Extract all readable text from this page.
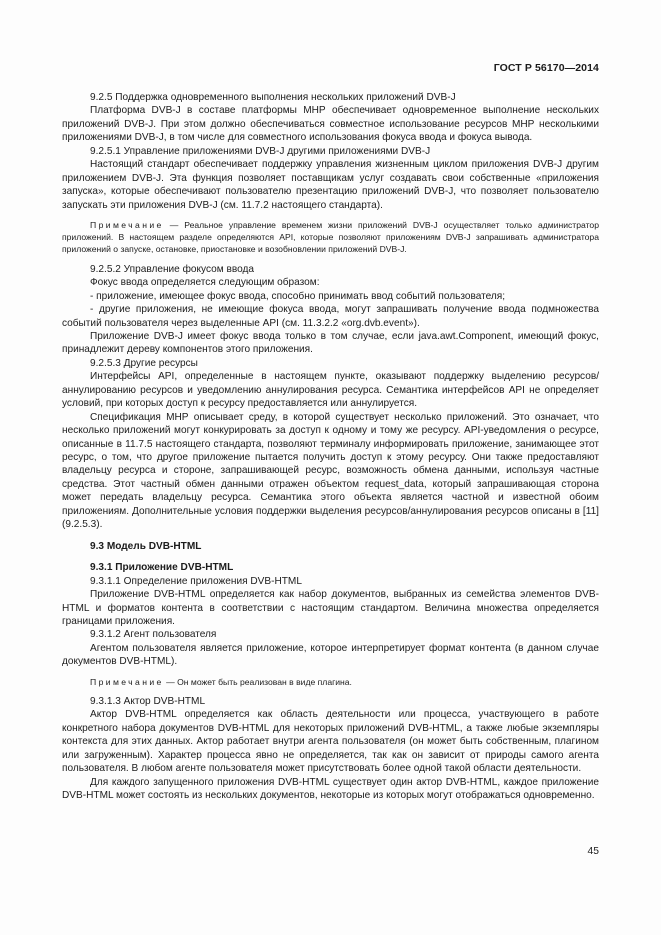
ГОСТ Р 56170—2014

9.2.5 Поддержка одновременного выполнения нескольких приложений DVB-J

Платформа DVB-J в составе платформы МНР обеспечивает одновременное выполнение нескольких приложений DVB-J. При этом должно обеспечиваться совместное использование ресурсов МНР несколькими приложениями DVB-J, в том числе для совместного использования фокуса ввода и фокуса вывода.

9.2.5.1 Управление приложениями DVB-J другими приложениями DVB-J

Настоящий стандарт обеспечивает поддержку управления жизненным циклом приложения DVB-J другим приложением DVB-J. Эта функция позволяет поставщикам услуг создавать свои собственные «приложения запуска», которые обеспечивают пользователю презентацию приложений DVB-J, что позволяет пользователю запускать эти приложения DVB-J (см. 11.7.2 настоящего стандарта).

Примечание — Реальное управление временем жизни приложений DVB-J осуществляет только администратор приложений. В настоящем разделе определяются API, которые позволяют приложениям DVB-J запрашивать администратора приложений о запуске, остановке, приостановке и возобновлении приложений DVB-J.

9.2.5.2 Управление фокусом ввода

Фокус ввода определяется следующим образом:

- приложение, имеющее фокус ввода, способно принимать ввод событий пользователя;

- другие приложения, не имеющие фокуса ввода, могут запрашивать получение ввода подмножества событий пользователя через выделенные API (см. 11.3.2.2 «org.dvb.event»).

Приложение DVB-J имеет фокус ввода только в том случае, если java.awt.Component, имеющий фокус, принадлежит дереву компонентов этого приложения.

9.2.5.3 Другие ресурсы

Интерфейсы API, определенные в настоящем пункте, оказывают поддержку выделению ресурсов/аннулированию ресурсов и уведомлению аннулирования ресурса. Семантика интерфейсов API не определяет условий, при которых доступ к ресурсу предоставляется или аннулируется.

Спецификация МНР описывает среду, в которой существует несколько приложений. Это означает, что несколько приложений могут конкурировать за доступ к одному и тому же ресурсу. API-уведомления о ресурсе, описанные в 11.7.5 настоящего стандарта, позволяют терминалу информировать приложение, занимающее этот ресурс, о том, что другое приложение пытается получить доступ к этому ресурсу. Они также предоставляют владельцу ресурса и стороне, запрашивающей ресурс, возможность обмена данными, используя частные средства. Этот частный обмен данными отражен объектом request_data, который запрашивающая сторона может передать владельцу ресурса. Семантика этого объекта является частной и известной обоим приложениям. Дополнительные условия поддержки выделения ресурсов/аннулирования ресурсов описаны в [11] (9.2.5.3).

9.3 Модель DVB-HTML

9.3.1 Приложение DVB-HTML

9.3.1.1 Определение приложения DVB-HTML

Приложение DVB-HTML определяется как набор документов, выбранных из семейства элементов DVB-HTML и форматов контента в соответствии с настоящим стандартом. Величина множества определяется границами приложения.

9.3.1.2 Агент пользователя

Агентом пользователя является приложение, которое интерпретирует формат контента (в данном случае документов DVB-HTML).

Примечание — Он может быть реализован в виде плагина.

9.3.1.3 Актор DVB-HTML

Актор DVB-HTML определяется как область деятельности или процесса, участвующего в работе конкретного набора документов DVB-HTML для некоторых приложений DVB-HTML, а также любые экземпляры контекста для этих данных. Актор работает внутри агента пользователя (он может быть собственным, плагином или загруженным). Характер процесса явно не определяется, так как он зависит от природы самого агента пользователя. В любом агенте пользователя может присутствовать более одной такой области деятельности.

Для каждого запущенного приложения DVB-HTML существует один актор DVB-HTML, каждое приложение DVB-HTML может состоять из нескольких документов, некоторые из которых могут отображаться одновременно.

45
